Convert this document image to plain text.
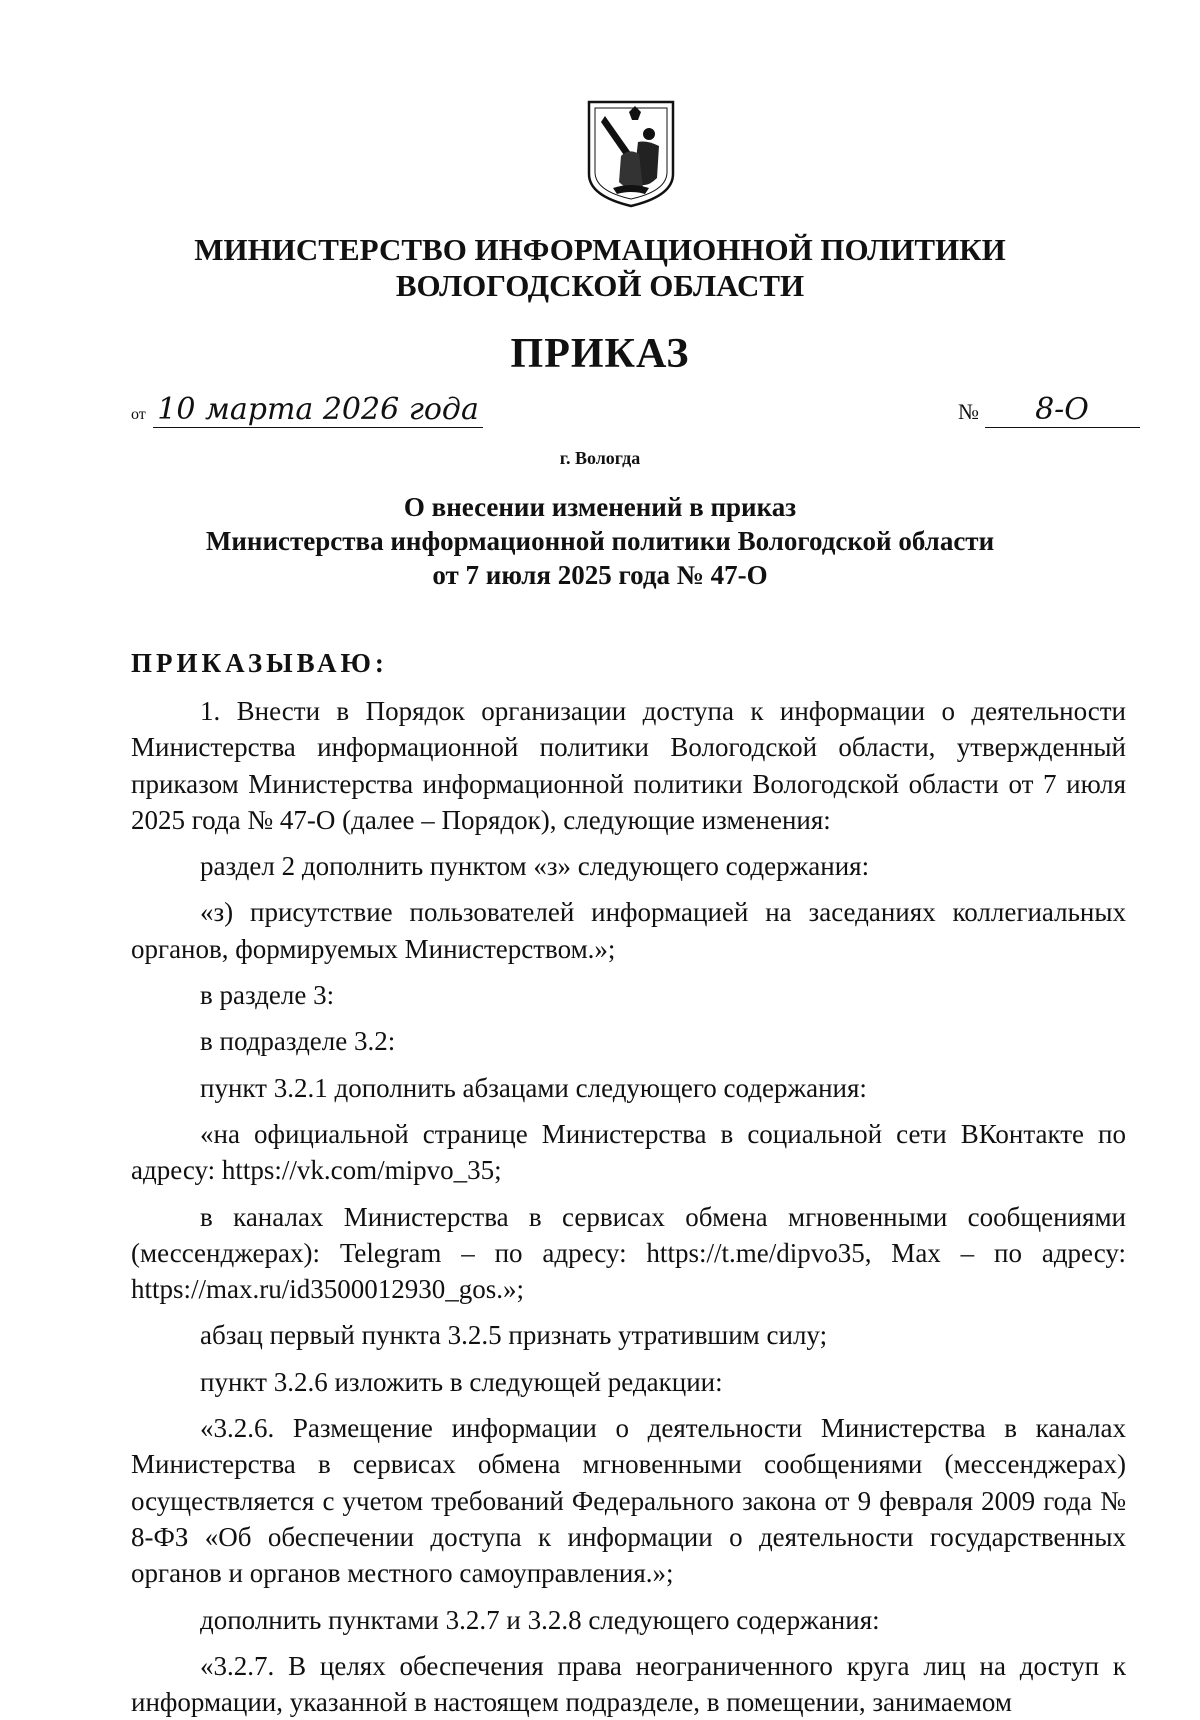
МИНИСТЕРСТВО ИНФОРМАЦИОННОЙ ПОЛИТИКИ
ВОЛОГОДСКОЙ ОБЛАСТИ
ПРИКАЗ
от 10 марта 2026 года	№ 8-О
г. Вологда
О внесении изменений в приказ
Министерства информационной политики Вологодской области
от 7 июля 2025 года № 47-О
ПРИКАЗЫВАЮ:

1. Внести в Порядок организации доступа к информации о деятельности Министерства информационной политики Вологодской области, утвержденный приказом Министерства информационной политики Вологодской области от 7 июля 2025 года № 47-О (далее – Порядок), следующие изменения:

раздел 2 дополнить пунктом «з» следующего содержания:

«з) присутствие пользователей информацией на заседаниях коллегиальных органов, формируемых Министерством.»;

в разделе 3:

в подразделе 3.2:

пункт 3.2.1 дополнить абзацами следующего содержания:

«на официальной странице Министерства в социальной сети ВКонтакте по адресу: https://vk.com/mipvo_35;

в каналах Министерства в сервисах обмена мгновенными сообщениями (мессенджерах): Telegram – по адресу: https://t.me/dipvo35, Max – по адресу: https://max.ru/id3500012930_gos.»;

абзац первый пункта 3.2.5 признать утратившим силу;

пункт 3.2.6 изложить в следующей редакции:

«3.2.6. Размещение информации о деятельности Министерства в каналах Министерства в сервисах обмена мгновенными сообщениями (мессенджерах) осуществляется с учетом требований Федерального закона от 9 февраля 2009 года № 8-ФЗ «Об обеспечении доступа к информации о деятельности государственных органов и органов местного самоуправления.»;

дополнить пунктами 3.2.7 и 3.2.8 следующего содержания:

«3.2.7. В целях обеспечения права неограниченного круга лиц на доступ к информации, указанной в настоящем подразделе, в помещении, занимаемом
